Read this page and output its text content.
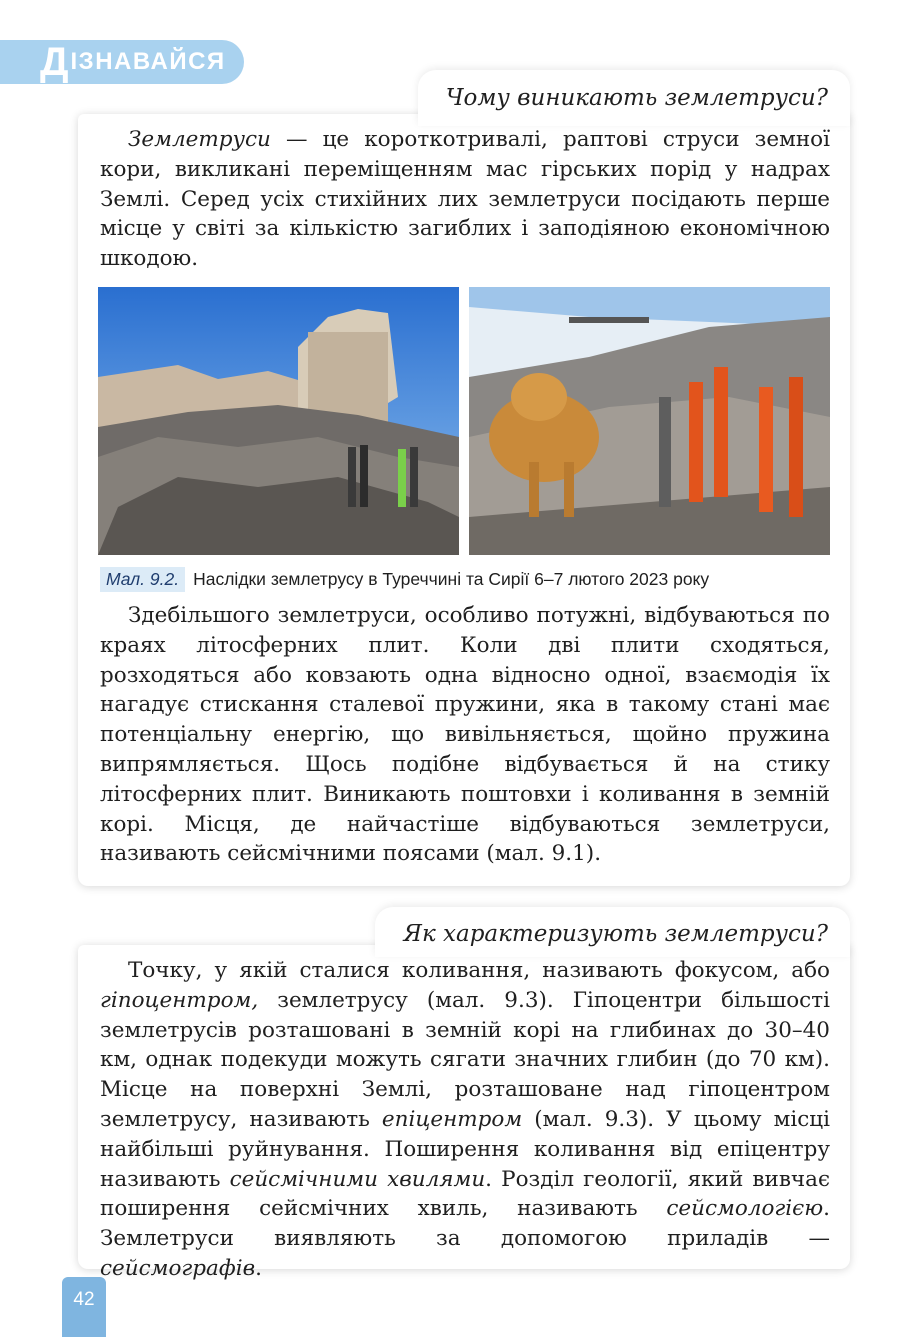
Д ІЗНАВАЙСЯ
Чому виникають землетруси?

Землетруси — це короткотривалі, раптові струси земної кори, викликані переміщенням мас гірських порід у надрах Землі. Серед усіх стихійних лих землетруси посідають перше місце у світі за кількістю загиблих і заподіяною економічною шкодою.

Мал. 9.2. Наслідки землетрусу в Туреччині та Сирії 6–7 лютого 2023 року

Здебільшого землетруси, особливо потужні, відбуваються по краях літосферних плит. Коли дві плити сходяться, розходяться або ковзають одна відносно одної, взаємодія їх нагадує стискання сталевої пружини, яка в такому стані має потенціальну енергію, що вивільняється, щойно пружина випрямляється. Щось подібне відбувається й на стику літосферних плит. Виникають поштовхи і коливання в земній корі. Місця, де найчастіше відбуваються землетруси, називають сейсмічними поясами (мал. 9.1).

Як характеризують землетруси?

Точку, у якій сталися коливання, називають фокусом, або гіпоцентром, землетрусу (мал. 9.3). Гіпоцентри більшості землетрусів розташовані в земній корі на глибинах до 30–40 км, однак подекуди можуть сягати значних глибин (до 70 км). Місце на поверхні Землі, розташоване над гіпоцентром землетрусу, називають епіцентром (мал. 9.3). У цьому місці найбільші руйнування. Поширення коливання від епіцентру називають сейсмічними хвилями. Розділ геології, який вивчає поширення сейсмічних хвиль, називають сейсмологією. Землетруси виявляють за допомогою приладів — сейсмографів.

42
